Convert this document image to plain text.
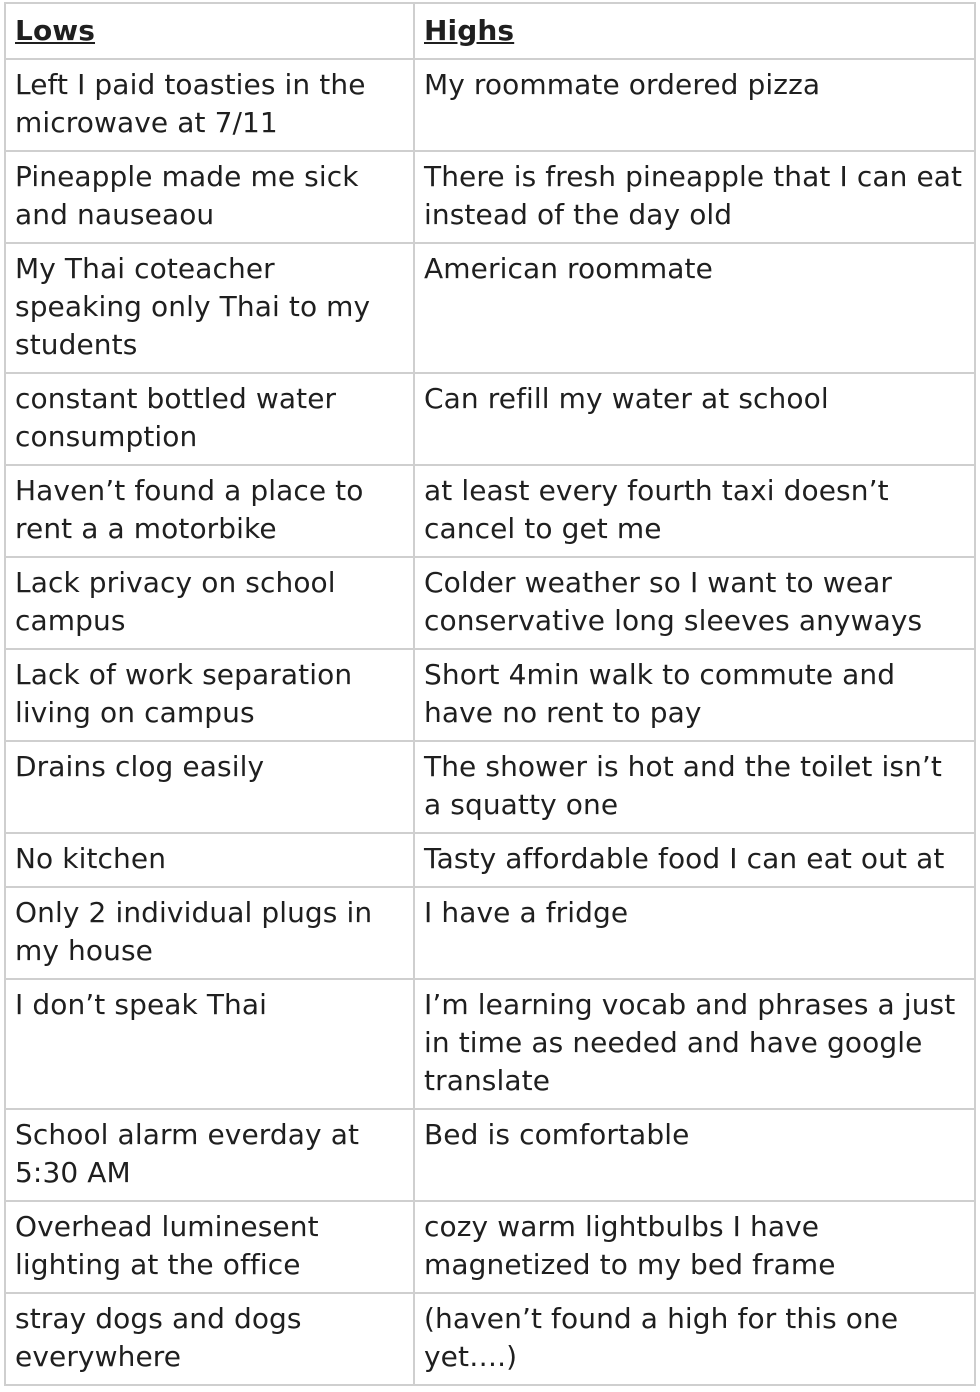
Lows	Highs
Left I paid toasties in the microwave at 7/11	My roommate ordered pizza
Pineapple made me sick and nauseaou	There is fresh pineapple that I can eat instead of the day old
My Thai coteacher speaking only Thai to my students	American roommate
constant bottled water consumption	Can refill my water at school
Haven’t found a place to rent a a motorbike	at least every fourth taxi doesn’t cancel to get me
Lack privacy on school campus	Colder weather so I want to wear conservative long sleeves anyways
Lack of work separation living on campus	Short 4min walk to commute and have no rent to pay
Drains clog easily	The shower is hot and the toilet isn’t a squatty one
No kitchen	Tasty affordable food I can eat out at
Only 2 individual plugs in my house	I have a fridge
I don’t speak Thai	I’m learning vocab and phrases a just in time as needed and have google translate
School alarm everday at 5:30 AM	Bed is comfortable
Overhead luminesent lighting at the office	cozy warm lightbulbs I have magnetized to my bed frame
stray dogs and dogs everywhere	(haven’t found a high for this one yet….)
